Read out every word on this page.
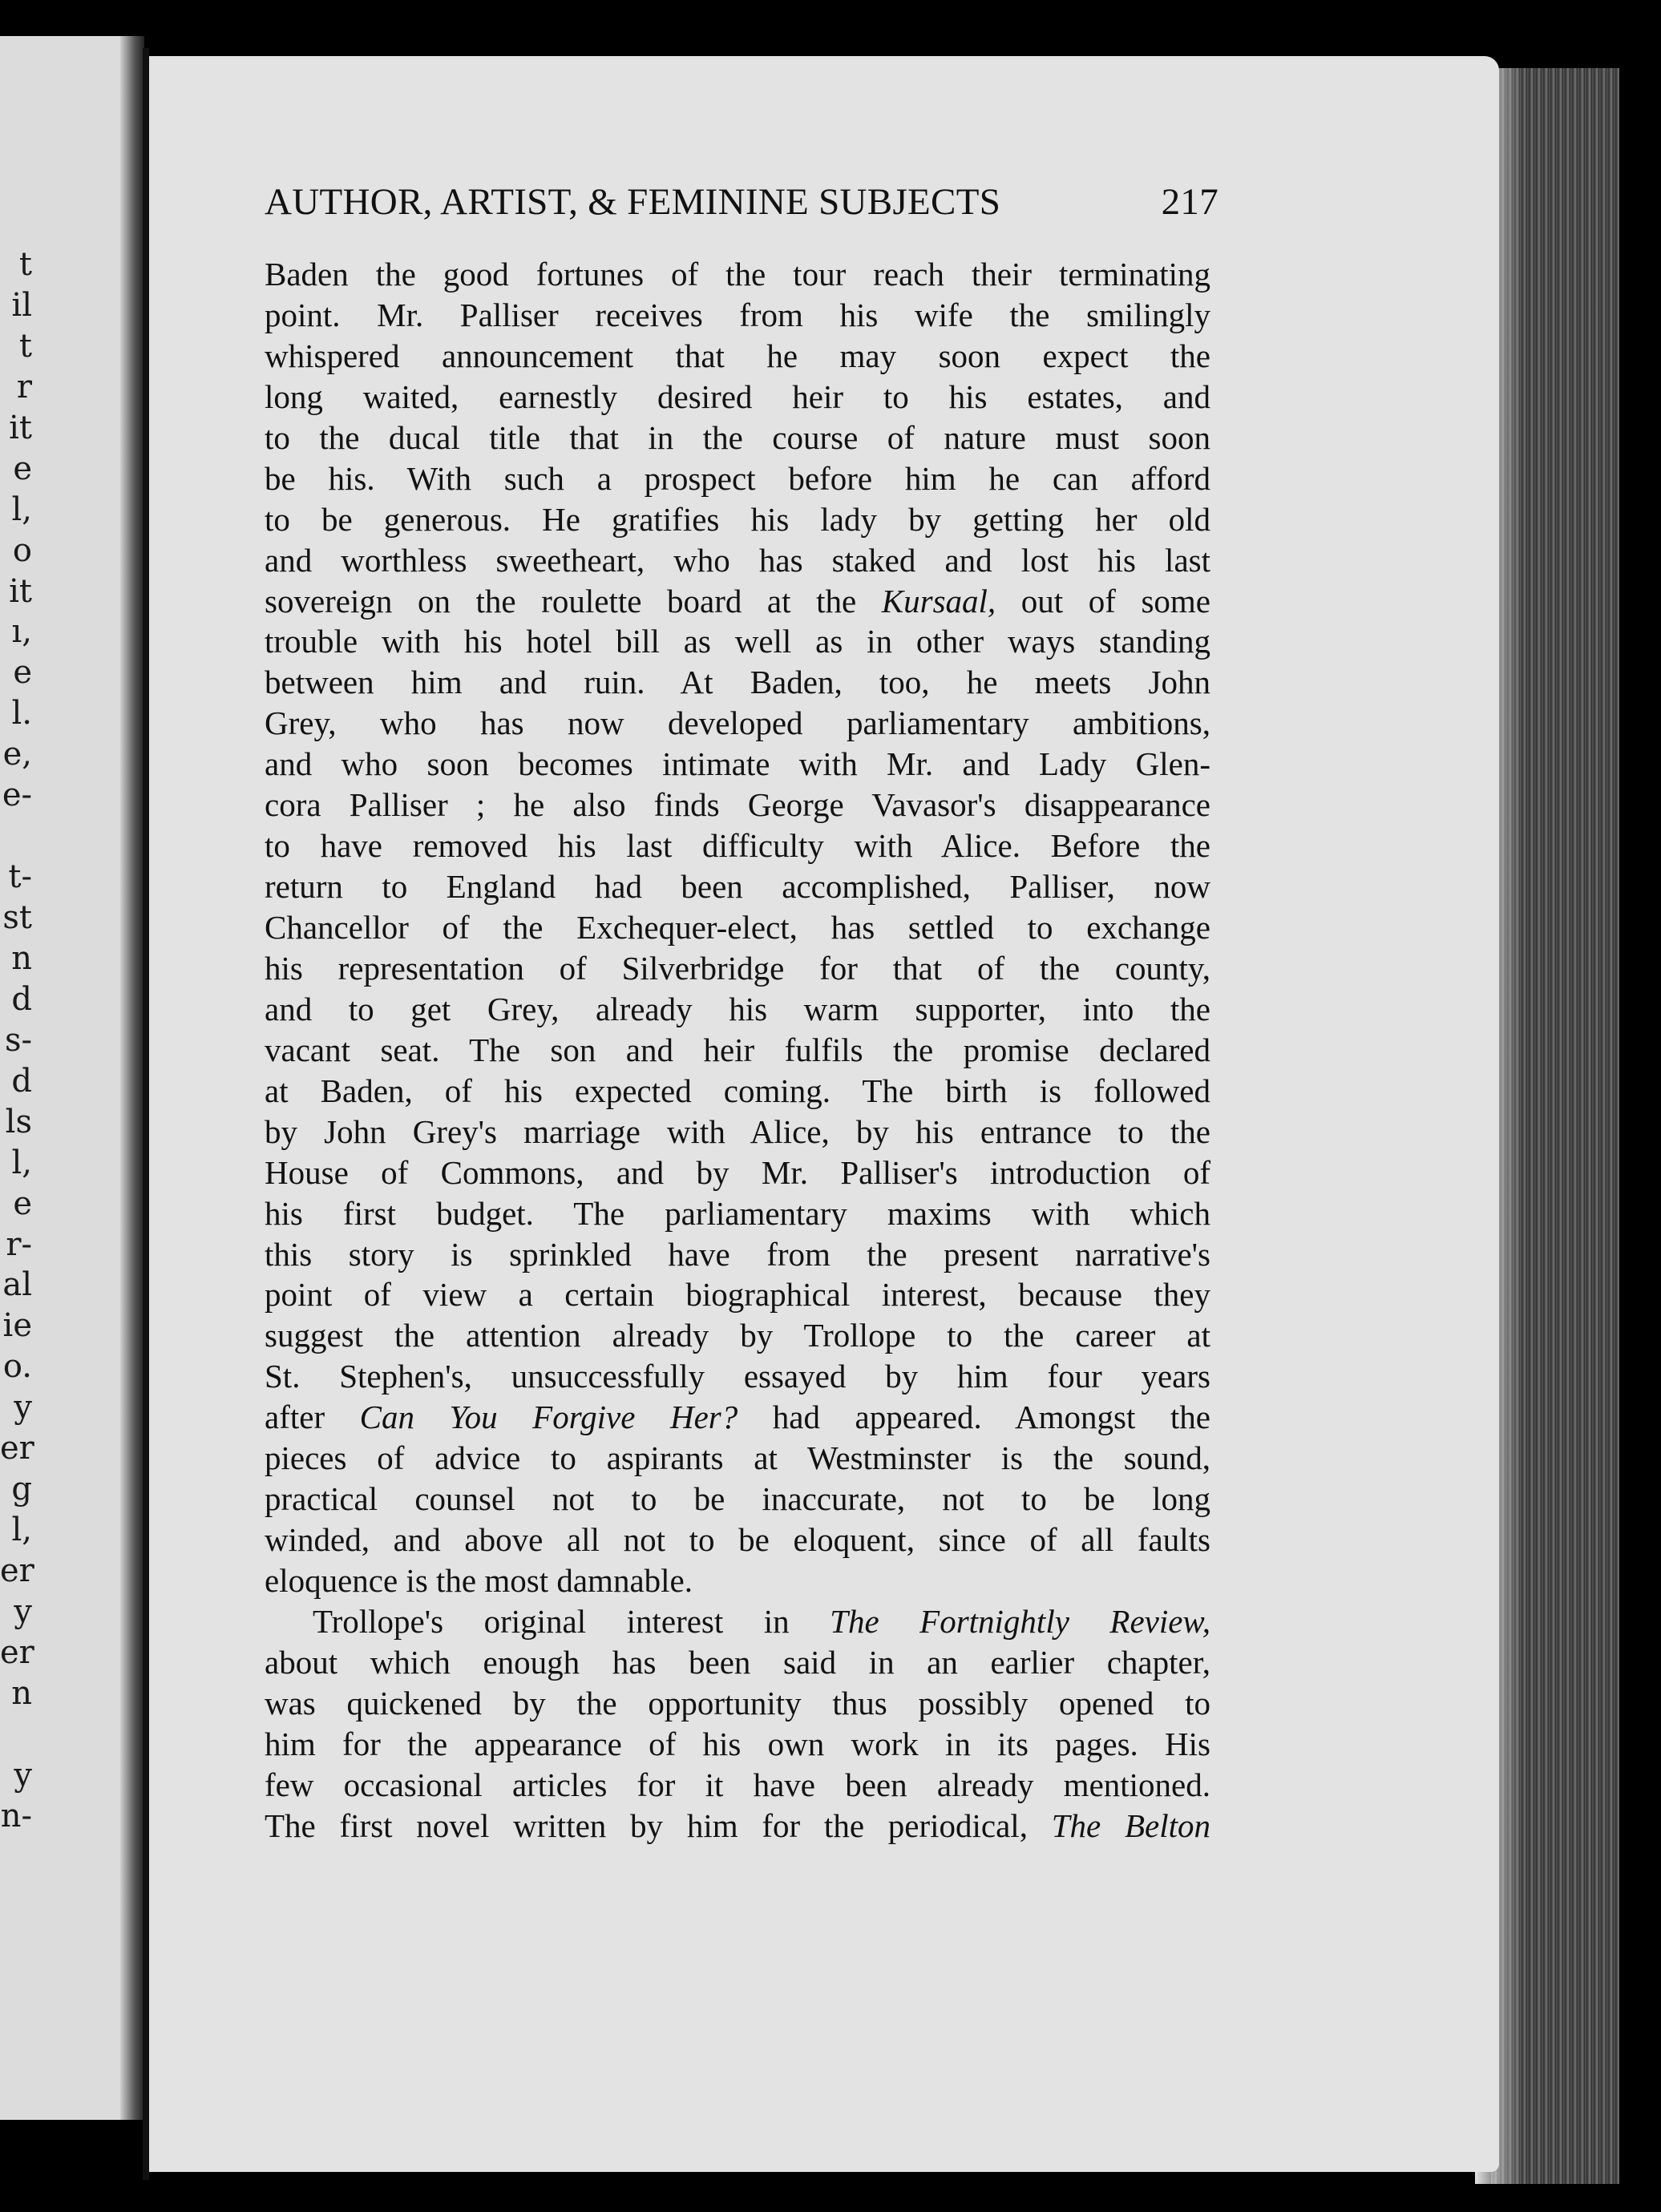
t
il
t
r
it
e
l,
o
it
ı,
e
l.
e,
e-
t-
st
n
d
s-
d
ls
l,
e
r-
al
ie
o.
y
er
g
l,
er
y
er
n
y
n-
AUTHOR, ARTIST, & FEMININE SUBJECTS	217
Baden the good fortunes of the tour reach their terminating
point. Mr. Palliser receives from his wife the smilingly
whispered announcement that he may soon expect the
long waited, earnestly desired heir to his estates, and
to the ducal title that in the course of nature must soon
be his. With such a prospect before him he can afford
to be generous. He gratifies his lady by getting her old
and worthless sweetheart, who has staked and lost his last
sovereign on the roulette board at the Kursaal, out of some
trouble with his hotel bill as well as in other ways standing
between him and ruin. At Baden, too, he meets John
Grey, who has now developed parliamentary ambitions,
and who soon becomes intimate with Mr. and Lady Glen-
cora Palliser ; he also finds George Vavasor's disappearance
to have removed his last difficulty with Alice. Before the
return to England had been accomplished, Palliser, now
Chancellor of the Exchequer-elect, has settled to exchange
his representation of Silverbridge for that of the county,
and to get Grey, already his warm supporter, into the
vacant seat. The son and heir fulfils the promise declared
at Baden, of his expected coming. The birth is followed
by John Grey's marriage with Alice, by his entrance to the
House of Commons, and by Mr. Palliser's introduction of
his first budget. The parliamentary maxims with which
this story is sprinkled have from the present narrative's
point of view a certain biographical interest, because they
suggest the attention already by Trollope to the career at
St. Stephen's, unsuccessfully essayed by him four years
after Can You Forgive Her? had appeared. Amongst the
pieces of advice to aspirants at Westminster is the sound,
practical counsel not to be inaccurate, not to be long
winded, and above all not to be eloquent, since of all faults
eloquence is the most damnable.
Trollope's original interest in The Fortnightly Review,
about which enough has been said in an earlier chapter,
was quickened by the opportunity thus possibly opened to
him for the appearance of his own work in its pages. His
few occasional articles for it have been already mentioned.
The first novel written by him for the periodical, The Belton
